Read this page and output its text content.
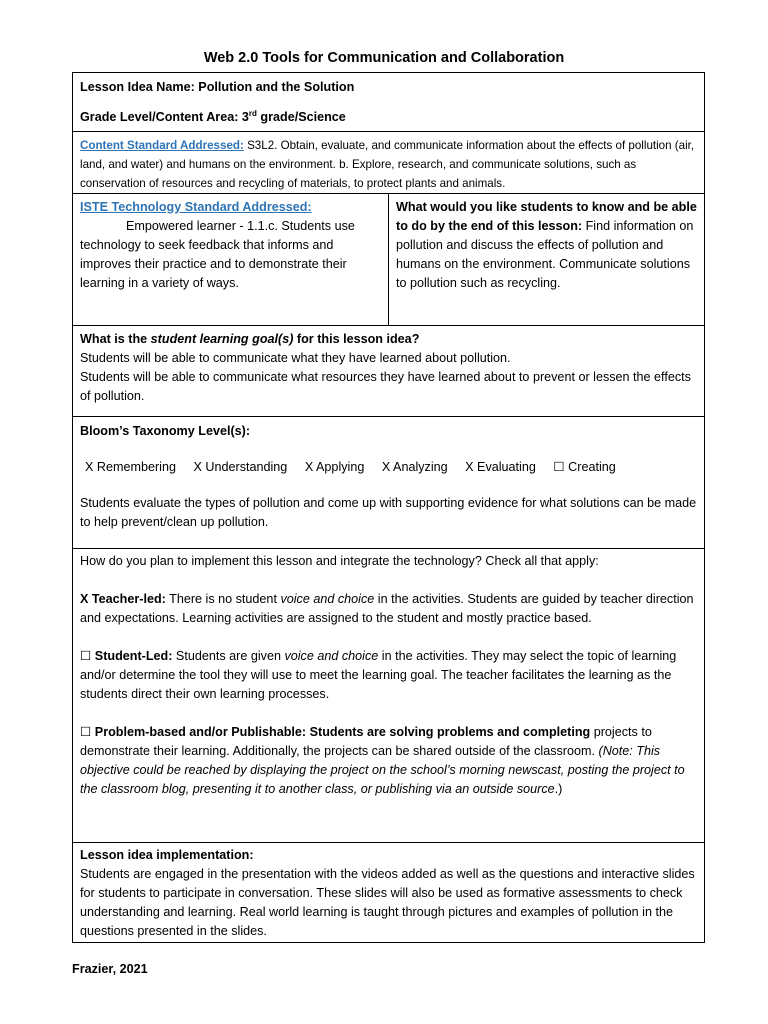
Web 2.0 Tools for Communication and Collaboration

Lesson Idea Name: Pollution and the Solution

Grade Level/Content Area: 3rd grade/Science

Content Standard Addressed: S3L2. Obtain, evaluate, and communicate information about the effects of pollution (air, land, and water) and humans on the environment. b. Explore, research, and communicate solutions, such as conservation of resources and recycling of materials, to protect plants and animals.
ISTE Technology Standard Addressed:

Empowered learner - 1.1.c. Students use technology to seek feedback that informs and improves their practice and to demonstrate their learning in a variety of ways.

	What would you like students to know and be able to do by the end of this lesson: Find information on pollution and discuss the effects of pollution and humans on the environment. Communicate solutions to pollution such as recycling.

What is the student learning goal(s) for this lesson idea?

Students will be able to communicate what they have learned about pollution.

Students will be able to communicate what resources they have learned about to prevent or lessen the effects of pollution.

Bloom’s Taxonomy Level(s):

X Remembering X Understanding X Applying X Analyzing X Evaluating ☐ Creating

Students evaluate the types of pollution and come up with supporting evidence for what solutions can be made to help prevent/clean up pollution.

How do you plan to implement this lesson and integrate the technology? Check all that apply:

X Teacher-led: There is no student voice and choice in the activities. Students are guided by teacher direction and expectations. Learning activities are assigned to the student and mostly practice based.

☐ Student-Led: Students are given voice and choice in the activities. They may select the topic of learning and/or determine the tool they will use to meet the learning goal. The teacher facilitates the learning as the students direct their own learning processes.

☐ Problem-based and/or Publishable: Students are solving problems and completing projects to demonstrate their learning. Additionally, the projects can be shared outside of the classroom. (Note: This objective could be reached by displaying the project on the school’s morning newscast, posting the project to the classroom blog, presenting it to another class, or publishing via an outside source.)

Lesson idea implementation:

Students are engaged in the presentation with the videos added as well as the questions and interactive slides for students to participate in conversation. These slides will also be used as formative assessments to check understanding and learning. Real world learning is taught through pictures and examples of pollution in the questions presented in the slides.

Frazier, 2021
